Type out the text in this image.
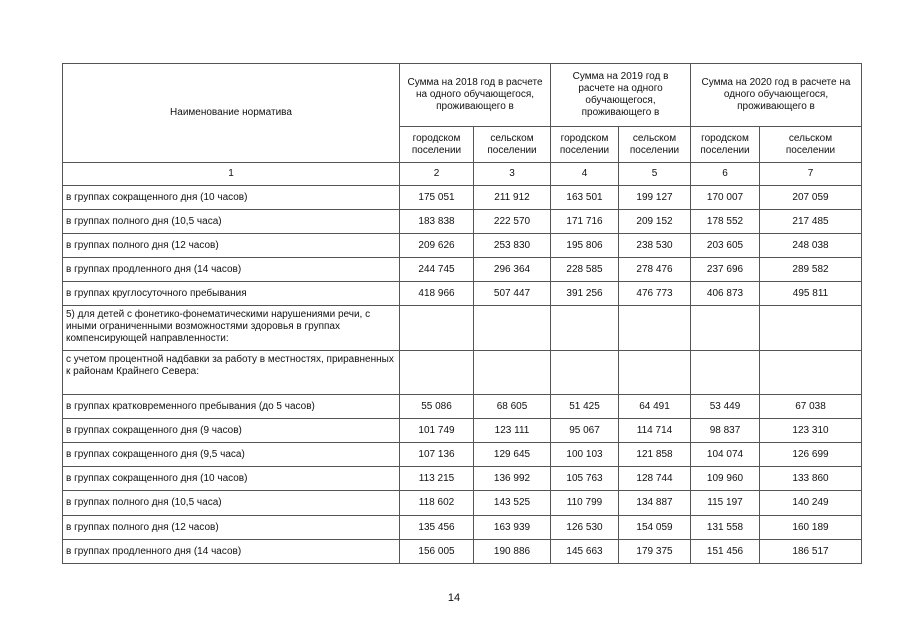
Наименование норматива	Сумма на 2018 год в расчете на одного обучающегося, проживающего в		Сумма на 2019 год в расчете на одного обучающегося, проживающего в		Сумма на 2020 год в расчете на одного обучающегося, проживающего в	
	городском поселении	сельском поселении	городском поселении	сельском поселении	городском поселении	сельском поселении
1	2	3	4	5	6	7
в группах сокращенного дня (10 часов)	175 051	211 912	163 501	199 127	170 007	207 059
в группах полного дня (10,5 часа)	183 838	222 570	171 716	209 152	178 552	217 485
в группах полного дня (12 часов)	209 626	253 830	195 806	238 530	203 605	248 038
в группах продленного дня (14 часов)	244 745	296 364	228 585	278 476	237 696	289 582
в группах круглосуточного пребывания	418 966	507 447	391 256	476 773	406 873	495 811
5) для детей с фонетико-фонематическими нарушениями речи, с иными ограниченными возможностями здоровья в группах компенсирующей направленности:						
с учетом процентной надбавки за работу в местностях, приравненных к районам Крайнего Севера:						
в группах кратковременного пребывания (до 5 часов)	55 086	68 605	51 425	64 491	53 449	67 038
в группах сокращенного дня (9 часов)	101 749	123 111	95 067	114 714	98 837	123 310
в группах сокращенного дня (9,5 часа)	107 136	129 645	100 103	121 858	104 074	126 699
в группах сокращенного дня (10 часов)	113 215	136 992	105 763	128 744	109 960	133 860
в группах полного дня (10,5 часа)	118 602	143 525	110 799	134 887	115 197	140 249
в группах полного дня (12 часов)	135 456	163 939	126 530	154 059	131 558	160 189
в группах продленного дня (14 часов)	156 005	190 886	145 663	179 375	151 456	186 517
14
